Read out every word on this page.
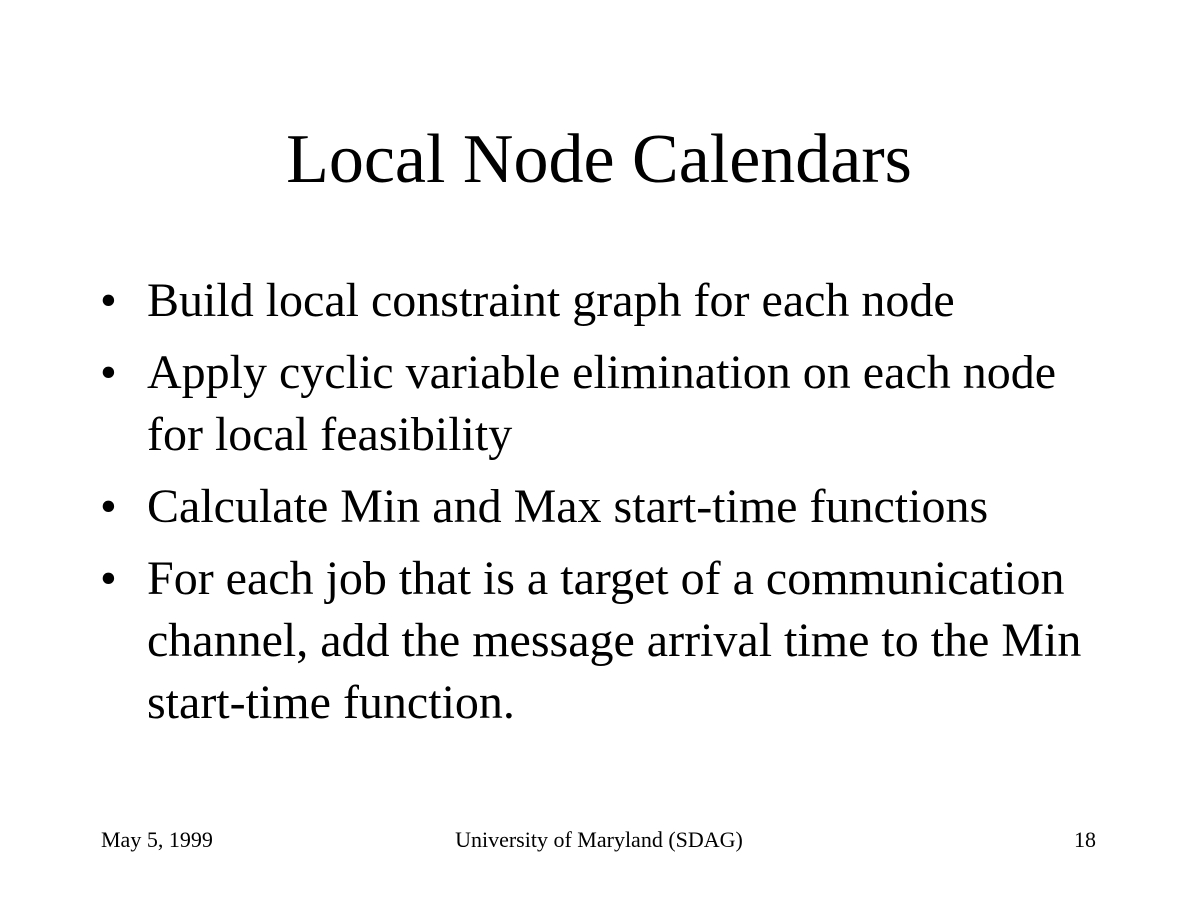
Local Node Calendars
• Build local constraint graph for each node
• Apply cyclic variable elimination on each node for local feasibility
• Calculate Min and Max start-time functions
• For each job that is a target of a communication channel, add the message arrival time to the Min start-time function.
University of Maryland (SDAG)
May 5, 1999	18
